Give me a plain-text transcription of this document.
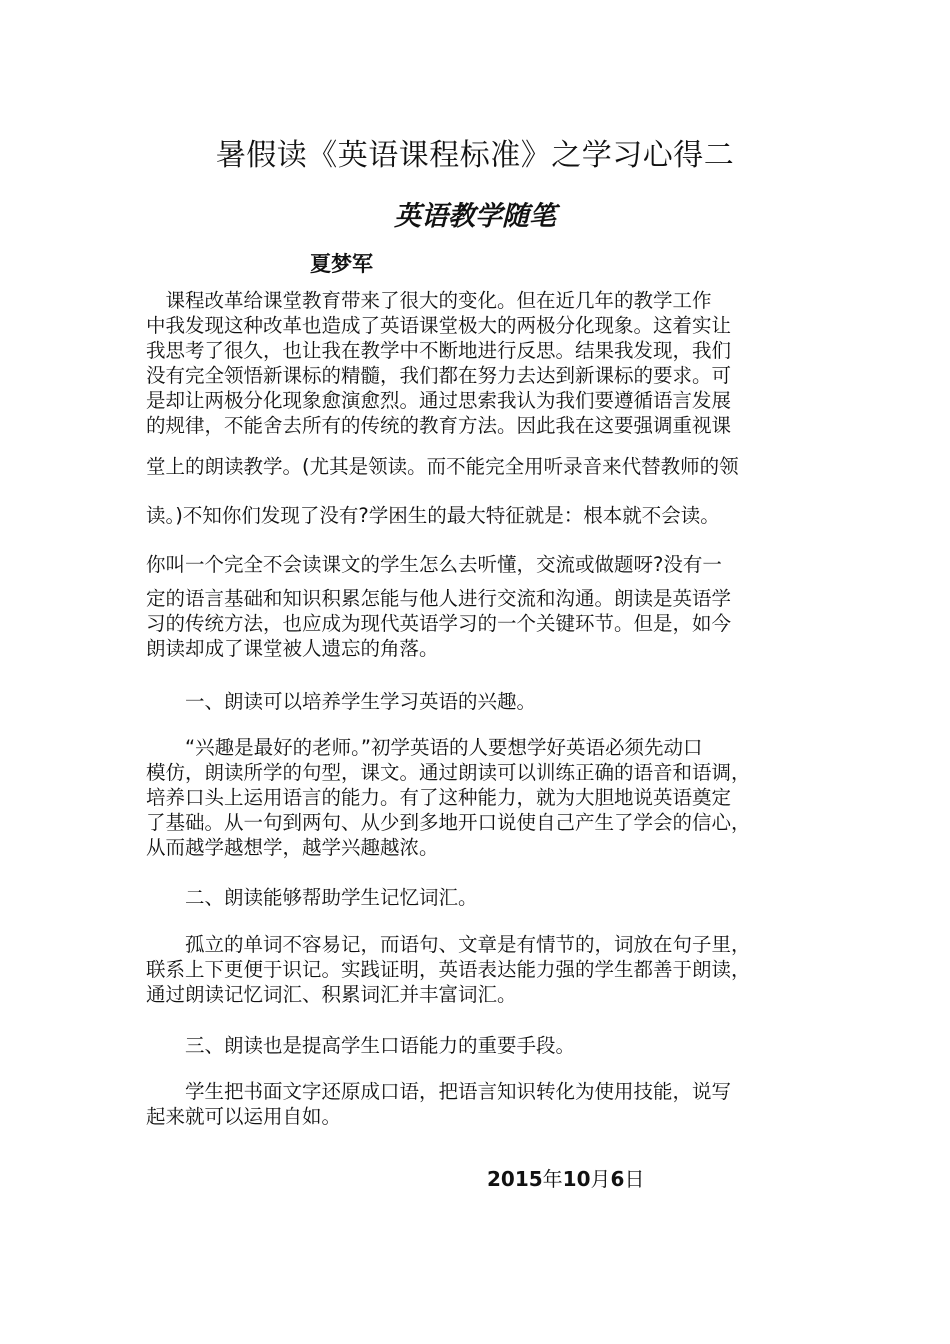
暑假读《英语课程标准》之学习心得二
英语教学随笔
夏梦军
　课程改革给课堂教育带来了很大的变化。但在近几年的教学工作
中我发现这种改革也造成了英语课堂极大的两极分化现象。这着实让
我思考了很久，也让我在教学中不断地进行反思。结果我发现，我们
没有完全领悟新课标的精髓，我们都在努力去达到新课标的要求。可
是却让两极分化现象愈演愈烈。通过思索我认为我们要遵循语言发展
的规律，不能舍去所有的传统的教育方法。因此我在这要强调重视课
堂上的朗读教学。(尤其是领读。而不能完全用听录音来代替教师的领
读。)不知你们发现了没有?学困生的最大特征就是：根本就不会读。
你叫一个完全不会读课文的学生怎么去听懂，交流或做题呀?没有一
定的语言基础和知识积累怎能与他人进行交流和沟通。朗读是英语学
习的传统方法，也应成为现代英语学习的一个关键环节。但是，如今
朗读却成了课堂被人遗忘的角落。
　　一、朗读可以培养学生学习英语的兴趣。
　　“兴趣是最好的老师。”初学英语的人要想学好英语必须先动口
模仿，朗读所学的句型，课文。通过朗读可以训练正确的语音和语调，
培养口头上运用语言的能力。有了这种能力，就为大胆地说英语奠定
了基础。从一句到两句、从少到多地开口说使自己产生了学会的信心，
从而越学越想学，越学兴趣越浓。
　　二、朗读能够帮助学生记忆词汇。
　　孤立的单词不容易记，而语句、文章是有情节的，词放在句子里，
联系上下更便于识记。实践证明，英语表达能力强的学生都善于朗读，
通过朗读记忆词汇、积累词汇并丰富词汇。
　　三、朗读也是提高学生口语能力的重要手段。
　　学生把书面文字还原成口语，把语言知识转化为使用技能，说写
起来就可以运用自如。
2015年10月6日
